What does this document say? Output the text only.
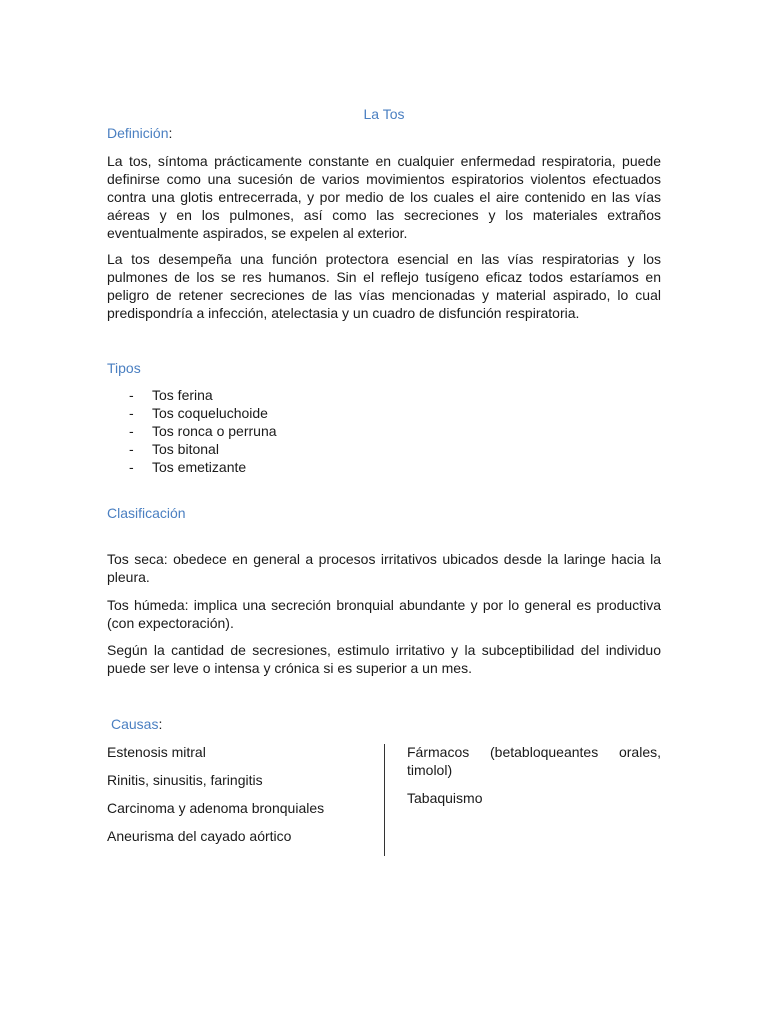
La Tos
Definición:

La tos, síntoma prácticamente constante en cualquier enfermedad respiratoria, puede definirse como una sucesión de varios movimientos espiratorios violentos efectuados contra una glotis entrecerrada, y por medio de los cuales el aire contenido en las vías aéreas y en los pulmones, así como las secreciones y los materiales extraños eventualmente aspirados, se expelen al exterior.

La tos desempeña una función protectora esencial en las vías respiratorias y los pulmones de los se res humanos. Sin el reflejo tusígeno eficaz todos estaríamos en peligro de retener secreciones de las vías mencionadas y material aspirado, lo cual predispondría a infección, atelectasia y un cuadro de disfunción respiratoria.

Tipos
- Tos ferina
- Tos coqueluchoide
- Tos ronca o perruna
- Tos bitonal
- Tos emetizante
Clasificación

Tos seca: obedece en general a procesos irritativos ubicados desde la laringe hacia la pleura.

Tos húmeda: implica una secreción bronquial abundante y por lo general es productiva (con expectoración).

Según la cantidad de secresiones, estimulo irritativo y la subceptibilidad del individuo puede ser leve o intensa y crónica si es superior a un mes.

Causas:

Estenosis mitral

Rinitis, sinusitis, faringitis

Carcinoma y adenoma bronquiales

Aneurisma del cayado aórtico

Fármacos (betabloqueantes orales, timolol)

Tabaquismo
